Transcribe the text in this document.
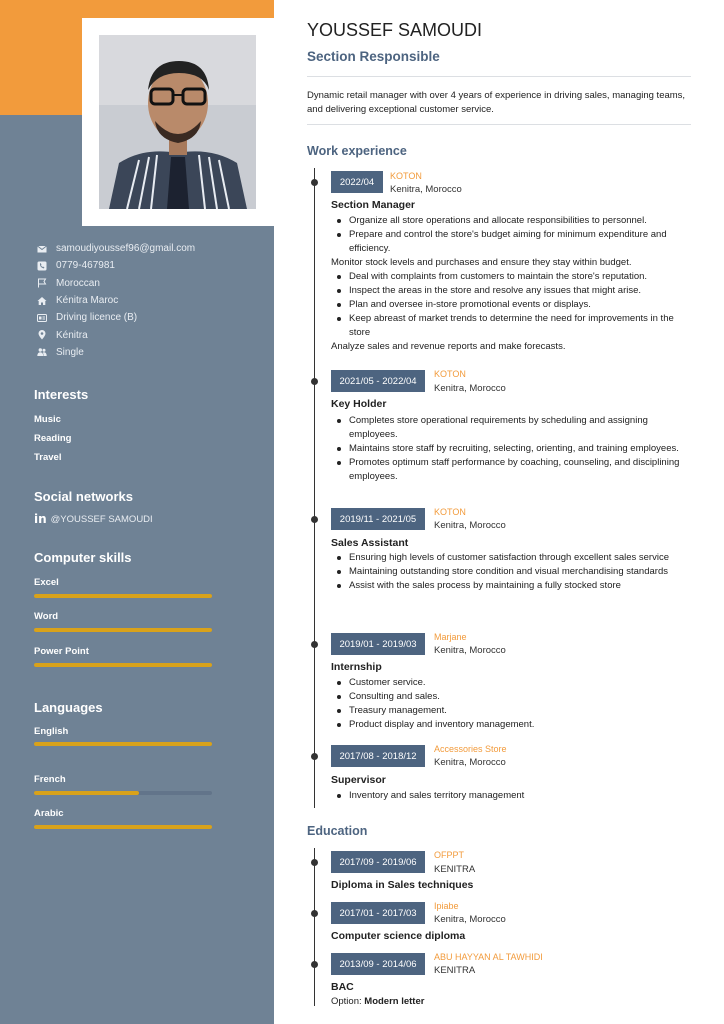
samoudiyoussef96@gmail.com
0779-467981
Moroccan
Kénitra Maroc
Driving licence (B)
Kénitra
Single
Interests
Music
Reading
Travel
Social networks
in @YOUSSEF SAMOUDI
Computer skills
Excel
Word
Power Point
Languages
English
French
Arabic
YOUSSEF SAMOUDI
Section Responsible
Dynamic retail manager with over 4 years of experience in driving sales, managing teams, and delivering exceptional customer service.
Work experience
2022/04
KOTON
Kenitra, Morocco
Section Manager
Organize all store operations and allocate responsibilities to personnel.
Prepare and control the store's budget aiming for minimum expenditure and efficiency.

Monitor stock levels and purchases and ensure they stay within budget.

Deal with complaints from customers to maintain the store's reputation.
Inspect the areas in the store and resolve any issues that might arise.
Plan and oversee in-store promotional events or displays.
Keep abreast of market trends to determine the need for improvements in the store

Analyze sales and revenue reports and make forecasts.

2021/05 - 2022/04
KOTON
Kenitra, Morocco
Key Holder
Completes store operational requirements by scheduling and assigning employees.
Maintains store staff by recruiting, selecting, orienting, and training employees.
Promotes optimum staff performance by coaching, counseling, and disciplining employees.
2019/11 - 2021/05
KOTON
Kenitra, Morocco
Sales Assistant
Ensuring high levels of customer satisfaction through excellent sales service
Maintaining outstanding store condition and visual merchandising standards
Assist with the sales process by maintaining a fully stocked store
2019/01 - 2019/03
Marjane
Kenitra, Morocco
Internship
Customer service.
Consulting and sales.
Treasury management.
Product display and inventory management.
2017/08 - 2018/12
Accessories Store
Kenitra, Morocco
Supervisor
Inventory and sales territory management
Education
2017/09 - 2019/06
OFPPT
KENITRA
Diploma in Sales techniques
2017/01 - 2017/03
Ipiabe
Kenitra, Morocco
Computer science diploma
2013/09 - 2014/06
ABU HAYYAN AL TAWHIDI
KENITRA
BAC
Option: Modern letter
